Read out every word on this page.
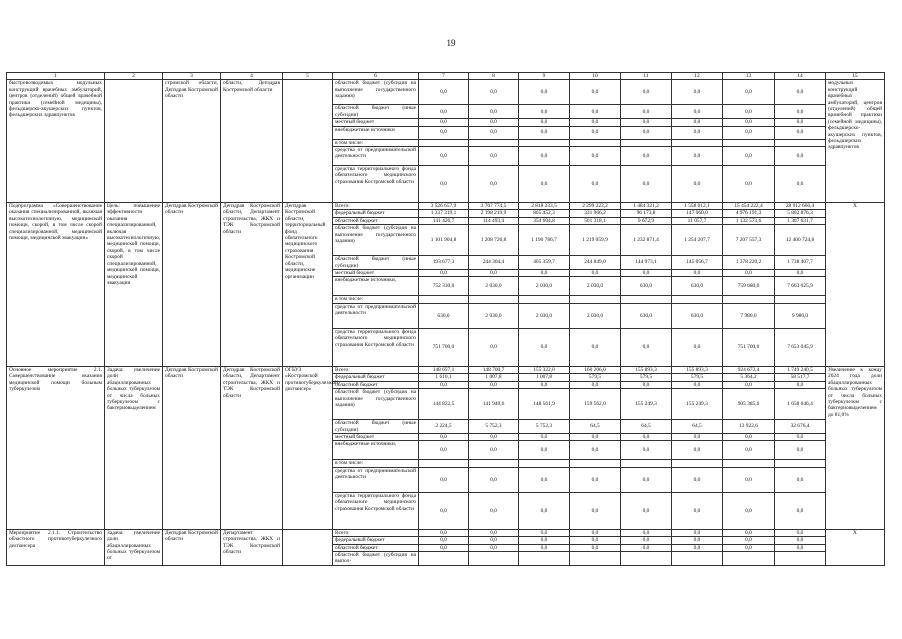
19
1	2	3	4	5	6	7	8	9	10	11	12	13	14	15
быстровозводимых модульных конструкций врачебных амбулаторий, центров (отделений) общей врачебной практики (семейной медицины), фельдшерско-акушерских пунктов, фельдшерских здравпунктов		стромской области, Депздрав Костромской области	области, Депздрав Костромской области		областной бюджет (субсидия на выполнение государственного задания)	0,0	0,0	0,0	0,0	0,0	0,0	0,0	0,0	модульных конструкций врачебных амбулаторий, центров (отделений) общей врачебной практики (семейной медицины), фельдшерско-акушерских пунктов, фельдшерских здравпунктов
					областной бюджет (иные субсидии)	0,0	0,0	0,0	0,0	0,0	0,0	0,0	0,0	
					местный бюджет	0,0	0,0	0,0	0,0	0,0	0,0	0,0	0,0	
					внебюджетные источники	0,0	0,0	0,0	0,0	0,0	0,0	0,0	0,0	
					в том числе:									
					средства от предпринимательской деятельности	0,0	0,0	0,0	0,0	0,0	0,0	0,0	0,0	
					средства территориального фонда обязательного медицинского страхования Костромской области	0,0	0,0	0,0	0,0	0,0	0,0	0,0	0,0	
Подпрограмма «Совершенствование оказания специализированной, включая высокотехнологичную, медицинской помощи, скорой, в том числе скорой специализированной, медицинской помощи, медицинской эвакуации»	Цель: повышение эффективности оказания специализированной, включая высокотехнологичную, медицинской помощи, скорой, в том числе скорой специализированной, медицинской помощи, медицинской эвакуации	Депздрав Костромской области	Депздрав Костромской области, Департамент строительства, ЖКХ и ТЭК Костромской области	Депздрав Костромской области, территориальный фонд обязательного медицинского страхования Костромской области, медицинские организации	Всего:	3 526 657,9	3 767 774,5	2 818 233,5	2 299 223,2	1 484 321,2	1 558 012,1	15 454 222,4	28 912 666,4	X
					федеральный бюджет	1 337 319,1	2 198 219,9	865 452,3	331 966,2	96 173,8	147 060,0	4 976 191,3	5 802 876,3	
					областной бюджет	141 426,7	114 493,4	354 604,8	501 318,1	9 672,9	11 057,7	1 132 573,6	1 307 631,7	
					областной бюджет (субсидия на выполнение государственного задания)	1 101 904,8	1 208 726,8	1 190 786,7	1 219 059,9	1 232 871,4	1 254 207,7	7 207 557,3	12 400 724,8	
					областной бюджет (иные субсидии)	193 677,3	244 304,4	405 359,7	244 849,0	144 973,1	145 056,7	1 378 220,2	1 738 407,7	
					местный бюджет	0,0	0,0	0,0	0,0	0,0	0,0	0,0	0,0	
					внебюджетные источники,	752 330,0	2 030,0	2 030,0	2 030,0	630,0	630,0	759 680,0	7 663 025,9	
					в том числе:									
					средства от предпринимательской деятельности	630,0	2 030,0	2 030,0	2 030,0	630,0	630,0	7 980,0	9 980,0	
					средства территориального фонда обязательного медицинского страхования Костромской области	751 700,0	0,0	0,0	0,0	0,0	0,0	751 700,0	7 653 045,9	
Основное мероприятие 2.1. Совершенствование оказания медицинской помощи больным туберкулезом	Задача: увеличение доли абациллированных больных туберкулезом от числа больных туберкулезом с бактериовыделением	Депздрав Костромской области	Депздрав Костромской области, Департамент строительства, ЖКХ и ТЭК Костромской области	ОГБУЗ «Костромской противотуберкулезный диспансер»	Всего:	148 657,1	148 700,7	155 322,0	160 206,0	155 893,3	155 893,3	924 672,4	1 749 240,5	Увеличение к концу 2024 года доли абациллированных больных туберкулезом от числа больных туберкулезом с бактериовыделением до 81,0%
					федеральный бюджет	1 610,1	1 007,8	1 007,8	579,5	579,5	579,5	5 364,2	58 517,7	
					областной бюджет	0,0	0,0	0,0	0,0	0,0	0,0	0,0	0,0	
					областной бюджет (субсидия на выполнение государственного задания)	144 822,5	141 940,6	148 561,9	159 562,0	155 249,3	155 249,3	905 385,6	1 658 046,4	
					областной бюджет (иные субсидии)	2 224,5	5 752,3	5 752,3	64,5	64,5	64,5	13 922,6	32 676,4	
					местный бюджет	0,0	0,0	0,0	0,0	0,0	0,0	0,0	0,0	
					внебюджетные источники,	0,0	0,0	0,0	0,0	0,0	0,0	0,0	0,0	
					в том числе:									
					средства от предпринимательской деятельности	0,0	0,0	0,0	0,0	0,0	0,0	0,0	0,0	
					средства территориального фонда обязательного медицинского страхования Костромской области	0,0	0,0	0,0	0,0	0,0	0,0	0,0	0,0	
Мероприятие 2.1.1. Строительство областного противотуберкулезного диспансера	Задача: увеличение доли абациллированных больных туберкулезом от	Депздрав Костромской области	Департамент строительства, ЖКХ и ТЭК Костромской области		Всего:	0,0	0,0	0,0	0,0	0,0	0,0	0,0	0,0	X
					федеральный бюджет	0,0	0,0	0,0	0,0	0,0	0,0	0,0	0,0	
					областной бюджет	0,0	0,0	0,0	0,0	0,0	0,0	0,0	0,0	
					областной бюджет (субсидия на выпол-									
